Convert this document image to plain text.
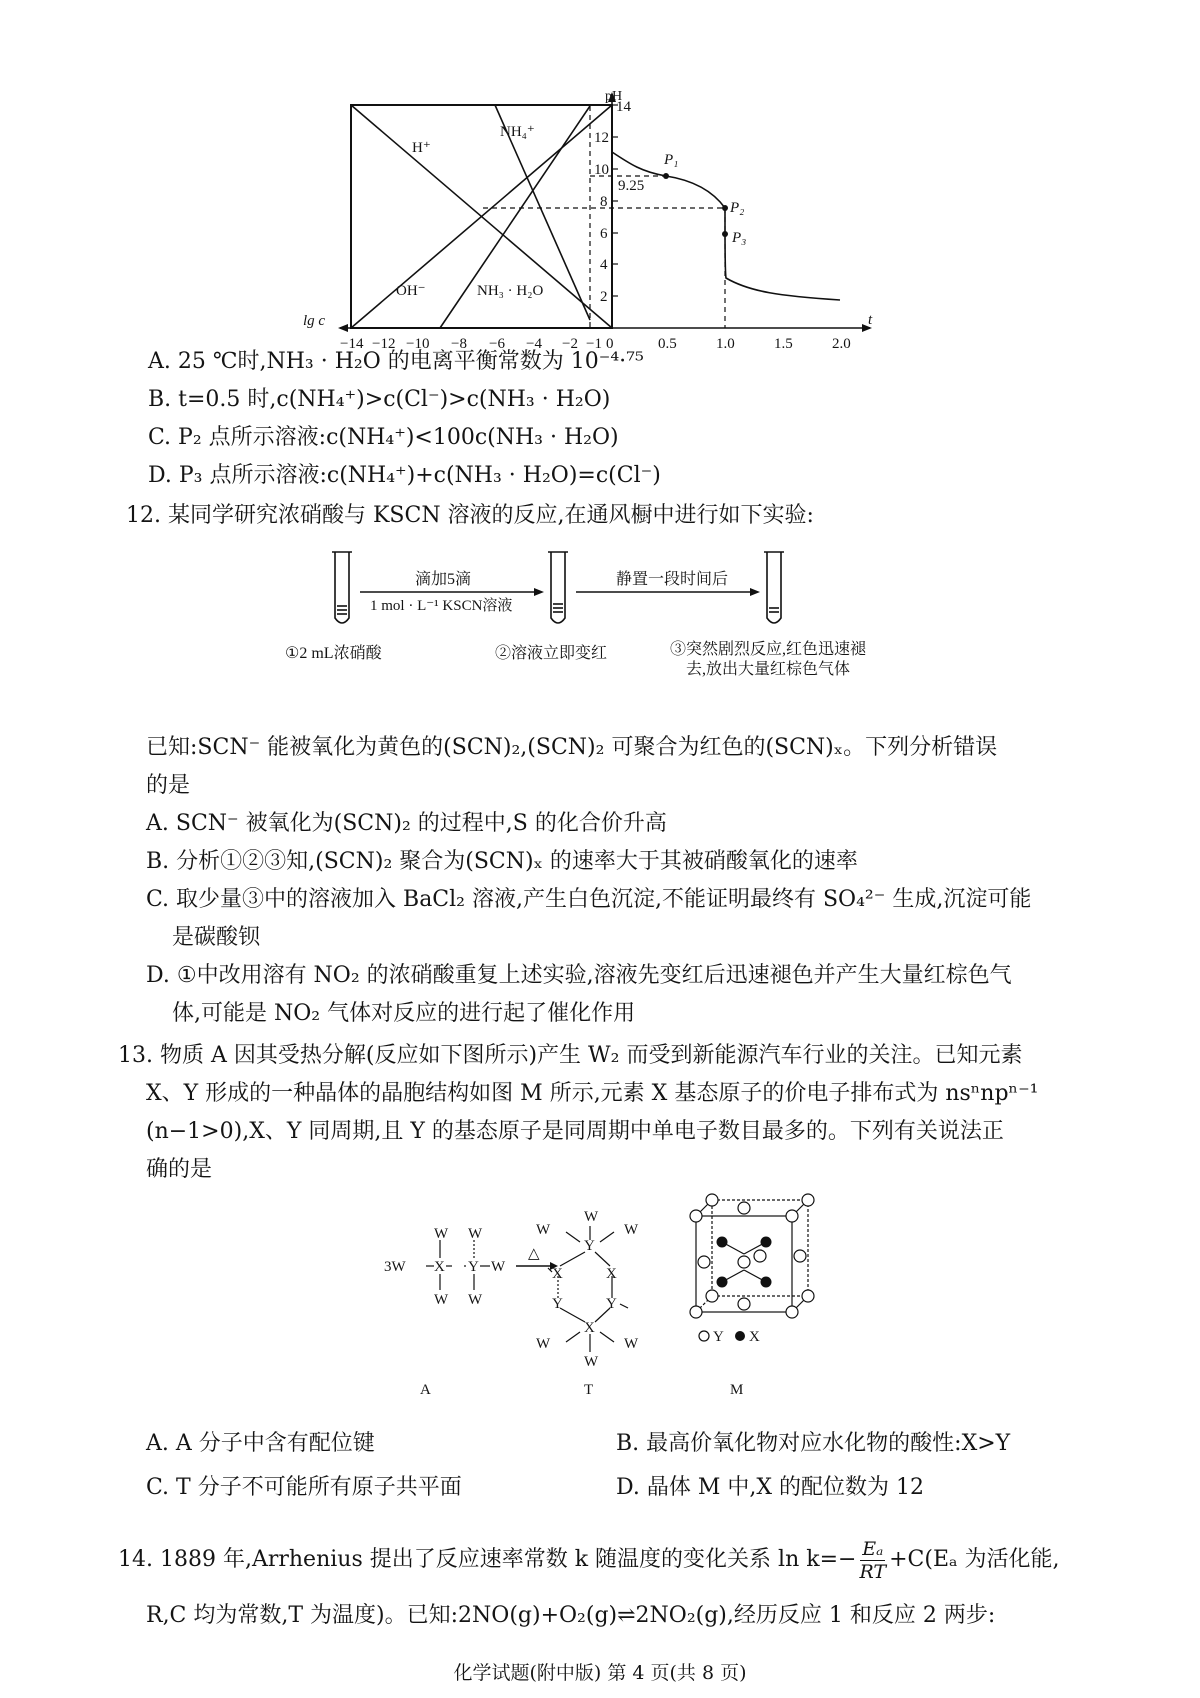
14
12
10
8
6
4
2
pH
lg c
−14 −12 −10 −8 −6 −4 −2 −1 0	0.5	1.0	1.5	2.0
t
H⁺
NH₄⁺
OH⁻	NH₃ · H₂O
9.25
P₁
P₂
P₃
A. 25 ℃时,NH₃ · H₂O 的电离平衡常数为 10⁻⁴·⁷⁵
B. t=0.5 时,c(NH₄⁺)>c(Cl⁻)>c(NH₃ · H₂O)
C. P₂ 点所示溶液:c(NH₄⁺)<100c(NH₃ · H₂O)
D. P₃ 点所示溶液:c(NH₄⁺)+c(NH₃ · H₂O)=c(Cl⁻)
12. 某同学研究浓硝酸与 KSCN 溶液的反应,在通风橱中进行如下实验:
滴加5滴
1 mol · L⁻¹ KSCN溶液
静置一段时间后
①2 mL浓硝酸	②溶液立即变红	③突然剧烈反应,红色迅速褪
去,放出大量红棕色气体
已知:SCN⁻ 能被氧化为黄色的(SCN)₂,(SCN)₂ 可聚合为红色的(SCN)ₓ。下列分析错误
的是
A. SCN⁻ 被氧化为(SCN)₂ 的过程中,S 的化合价升高
B. 分析①②③知,(SCN)₂ 聚合为(SCN)ₓ 的速率大于其被硝酸氧化的速率
C. 取少量③中的溶液加入 BaCl₂ 溶液,产生白色沉淀,不能证明最终有 SO₄²⁻ 生成,沉淀可能
是碳酸钡
D. ①中改用溶有 NO₂ 的浓硝酸重复上述实验,溶液先变红后迅速褪色并产生大量红棕色气
体,可能是 NO₂ 气体对反应的进行起了催化作用
13. 物质 A 因其受热分解(反应如下图所示)产生 W₂ 而受到新能源汽车行业的关注。已知元素
X、Y 形成的一种晶体的晶胞结构如图 M 所示,元素 X 基态原子的价电子排布式为 nsⁿnpⁿ⁻¹
(n−1>0),X、Y 同周期,且 Y 的基态原子是同周期中单电子数目最多的。下列有关说法正
确的是
3W X Y W
W W
W W
△
W
Y
X	X
Y	Y
X
W
W	W
W	W	Y X
A	T	M
A. A 分子中含有配位键	B. 最高价氧化物对应水化物的酸性:X>Y
C. T 分子不可能所有原子共平面	D. 晶体 M 中,X 的配位数为 12
14. 1889 年,Arrhenius 提出了反应速率常数 k 随温度的变化关系 $\ln k=- \frac{\text{Eₐ}}{RT} +C(E_a$ 为活化能,
R,C 均为常数,T 为温度)。已知:2NO(g)+O₂(g)⇌2NO₂(g),经历反应 1 和反应 2 两步:
化学试题(附中版) 第 4 页(共 8 页)
